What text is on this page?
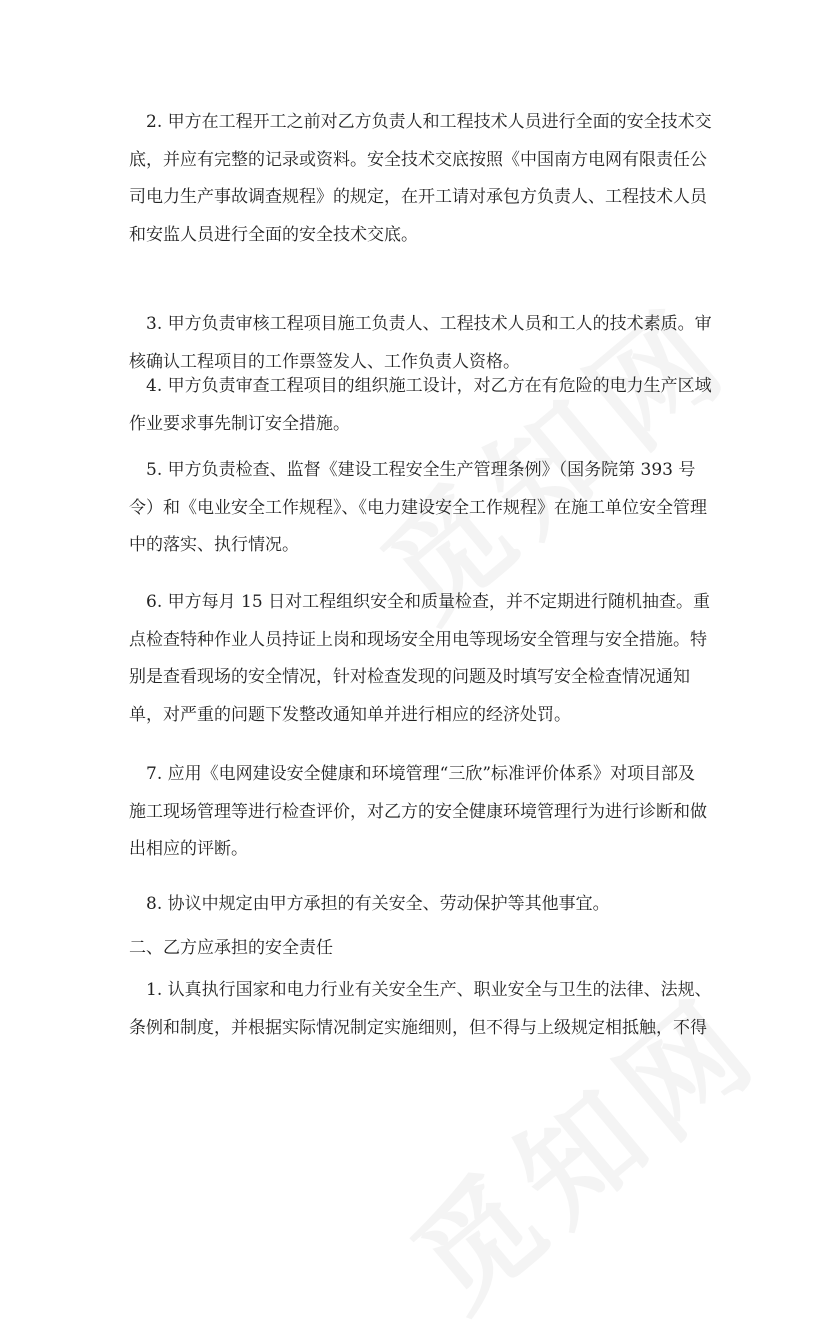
2. 甲方在工程开工之前对乙方负责人和工程技术人员进行全面的安全技术交
底，并应有完整的记录或资料。安全技术交底按照《中国南方电网有限责任公
司电力生产事故调查规程》的规定，在开工请对承包方负责人、工程技术人员
和安监人员进行全面的安全技术交底。
3. 甲方负责审核工程项目施工负责人、工程技术人员和工人的技术素质。审
核确认工程项目的工作票签发人、工作负责人资格。
4. 甲方负责审查工程项目的组织施工设计，对乙方在有危险的电力生产区域
作业要求事先制订安全措施。
5. 甲方负责检查、监督《建设工程安全生产管理条例》（国务院第 393 号
令）和《电业安全工作规程》、《电力建设安全工作规程》在施工单位安全管理
中的落实、执行情况。
6. 甲方每月 15 日对工程组织安全和质量检查，并不定期进行随机抽查。重
点检查特种作业人员持证上岗和现场安全用电等现场安全管理与安全措施。特
别是查看现场的安全情况，针对检查发现的问题及时填写安全检查情况通知
单，对严重的问题下发整改通知单并进行相应的经济处罚。
7. 应用《电网建设安全健康和环境管理“三欣”标准评价体系》对项目部及
施工现场管理等进行检查评价，对乙方的安全健康环境管理行为进行诊断和做
出相应的评断。
8. 协议中规定由甲方承担的有关安全、劳动保护等其他事宜。
二、乙方应承担的安全责任
1. 认真执行国家和电力行业有关安全生产、职业安全与卫生的法律、法规、
条例和制度，并根据实际情况制定实施细则，但不得与上级规定相抵触，不得
